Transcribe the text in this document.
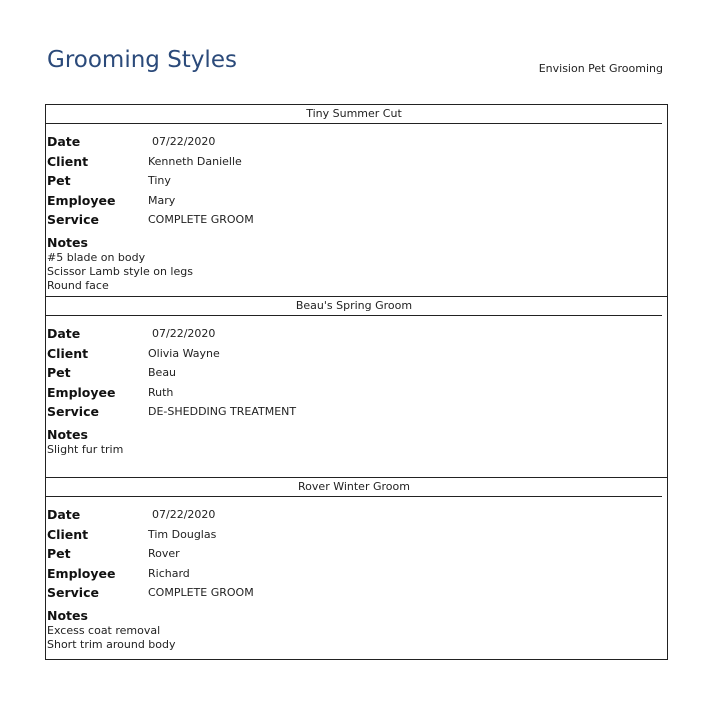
Grooming Styles	Envision Pet Grooming
Tiny Summer Cut
Date	07/22/2020
Client	Kenneth Danielle
Pet	Tiny
Employee	Mary
Service	COMPLETE GROOM
Notes
#5 blade on body
Scissor Lamb style on legs
Round face
Beau's Spring Groom
Date	07/22/2020
Client	Olivia Wayne
Pet	Beau
Employee	Ruth
Service	DE-SHEDDING TREATMENT
Notes
Slight fur trim
Rover Winter Groom
Date	07/22/2020
Client	Tim Douglas
Pet	Rover
Employee	Richard
Service	COMPLETE GROOM
Notes
Excess coat removal
Short trim around body
